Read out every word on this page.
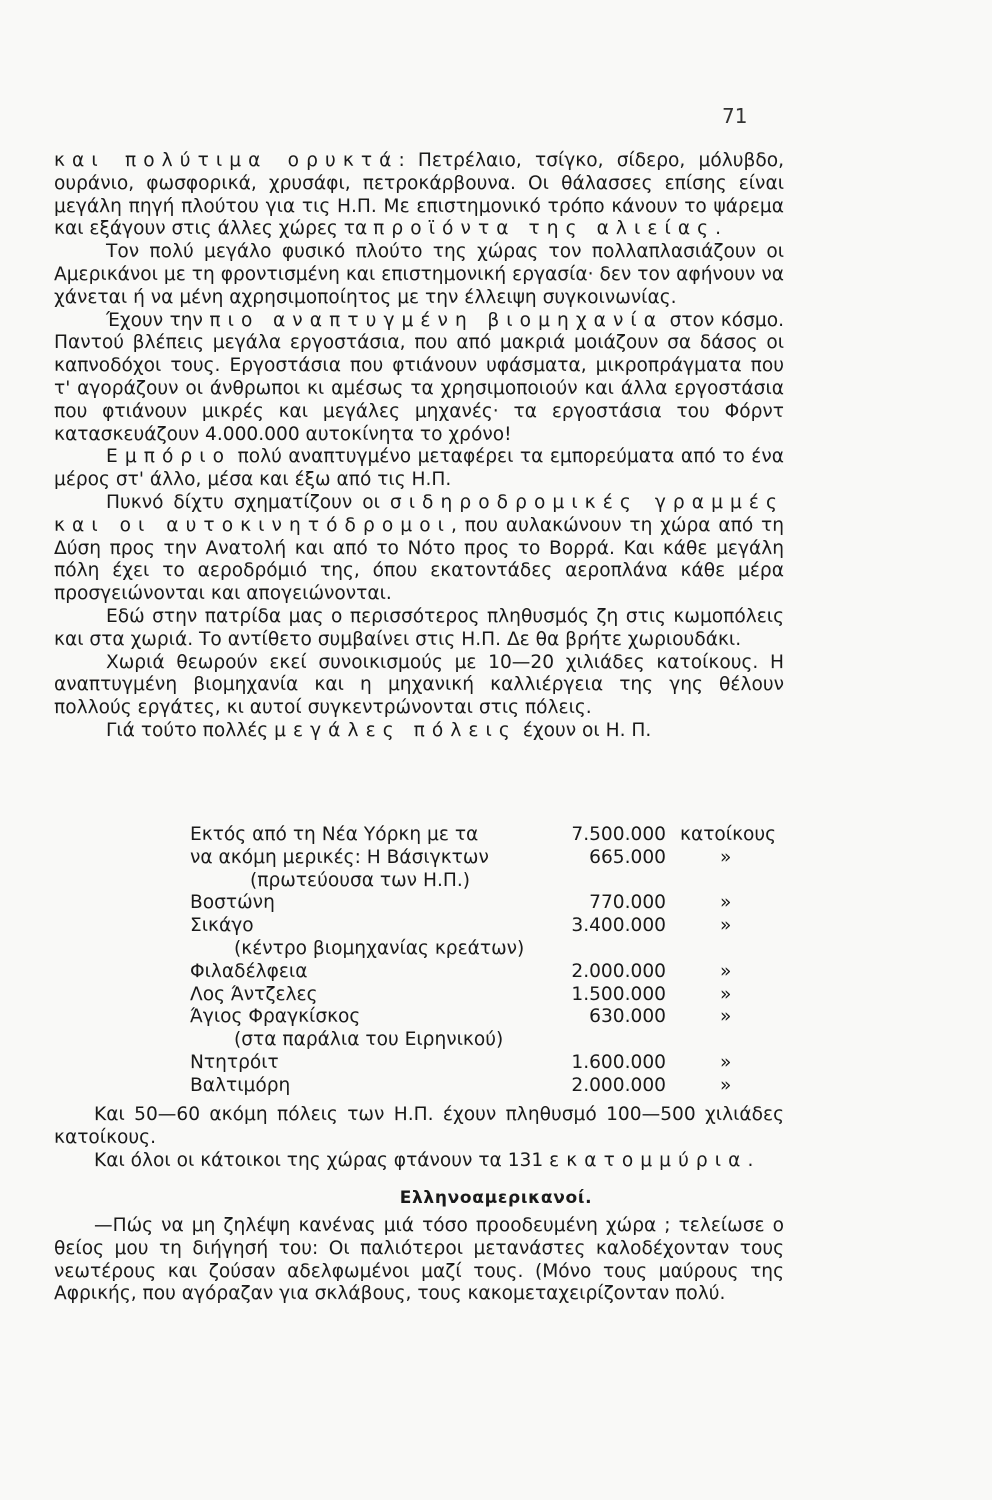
71

και πολύτιμα ορυκτά: Πετρέλαιο, τσίγκο, σίδερο, μόλυβδο, ουράνιο, φωσφορικά, χρυσάφι, πετροκάρβουνα. Οι θάλασσες επίσης είναι μεγάλη πηγή πλούτου για τις Η.Π. Με επιστημονικό τρόπο κάνουν το ψάρεμα και εξάγουν στις άλλες χώρες τα προϊόντα της αλιείας.

Τον πολύ μεγάλο φυσικό πλούτο της χώρας τον πολλαπλασιάζουν οι Αμερικάνοι με τη φροντισμένη και επιστημονική εργασία· δεν τον αφήνουν να χάνεται ή να μένη αχρησιμοποίητος με την έλλειψη συγκοινωνίας.

Έχουν την πιο αναπτυγμένη βιομηχανία στον κόσμο. Παντού βλέπεις μεγάλα εργοστάσια, που από μακριά μοιάζουν σα δάσος οι καπνοδόχοι τους. Εργοστάσια που φτιάνουν υφάσματα, μικροπράγματα που τ' αγοράζουν οι άνθρωποι κι αμέσως τα χρησιμοποιούν και άλλα εργοστάσια που φτιάνουν μικρές και μεγάλες μηχανές· τα εργοστάσια του Φόρντ κατασκευάζουν 4.000.000 αυτοκίνητα το χρόνο!

Εμπόριο πολύ αναπτυγμένο μεταφέρει τα εμπορεύματα από το ένα μέρος στ' άλλο, μέσα και έξω από τις Η.Π.

Πυκνό δίχτυ σχηματίζουν οι σιδηροδρομικές γραμμές και οι αυτοκινητόδρομοι, που αυλακώνουν τη χώρα από τη Δύση προς την Ανατολή και από το Νότο προς το Βορρά. Και κάθε μεγάλη πόλη έχει το αεροδρόμιό της, όπου εκατοντάδες αεροπλάνα κάθε μέρα προσγειώνονται και απογειώνονται.

Εδώ στην πατρίδα μας ο περισσότερος πληθυσμός ζη στις κωμοπόλεις και στα χωριά. Το αντίθετο συμβαίνει στις Η.Π. Δε θα βρήτε χωριουδάκι.

Χωριά θεωρούν εκεί συνοικισμούς με 10—20 χιλιάδες κατοίκους. Η αναπτυγμένη βιομηχανία και η μηχανική καλλιέργεια της γης θέλουν πολλούς εργάτες, κι αυτοί συγκεντρώνονται στις πόλεις.

Γιά τούτο πολλές μεγάλες πόλεις έχουν οι Η. Π.

Εκτός από τη Νέα Υόρκη με τα	7.500.000 κατοίκους
να ακόμη μερικές: Η Βάσιγκτων	665.000	»
(πρωτεύουσα των Η.Π.)
Βοστώνη	770.000	»
Σικάγο	3.400.000	»
(κέντρο βιομηχανίας κρεάτων)
Φιλαδέλφεια	2.000.000	»
Λος Άντζελες	1.500.000	»
Άγιος Φραγκίσκος	630.000	»
(στα παράλια του Ειρηνικού)
Ντητρόιτ	1.600.000	»
Βαλτιμόρη	2.000.000	»

Και 50—60 ακόμη πόλεις των Η.Π. έχουν πληθυσμό 100—500 χιλιάδες κατοίκους.

Και όλοι οι κάτοικοι της χώρας φτάνουν τα 131 εκατομμύρια.

Ελληνοαμερικανοί.

—Πώς να μη ζηλέψη κανένας μιά τόσο προοδευμένη χώρα ; τελείωσε ο θείος μου τη διήγησή του: Οι παλιότεροι μετανάστες καλοδέχονταν τους νεωτέρους και ζούσαν αδελφωμένοι μαζί τους. (Μόνο τους μαύρους της Αφρικής, που αγόραζαν για σκλάβους, τους κακομεταχειρίζονταν πολύ.
